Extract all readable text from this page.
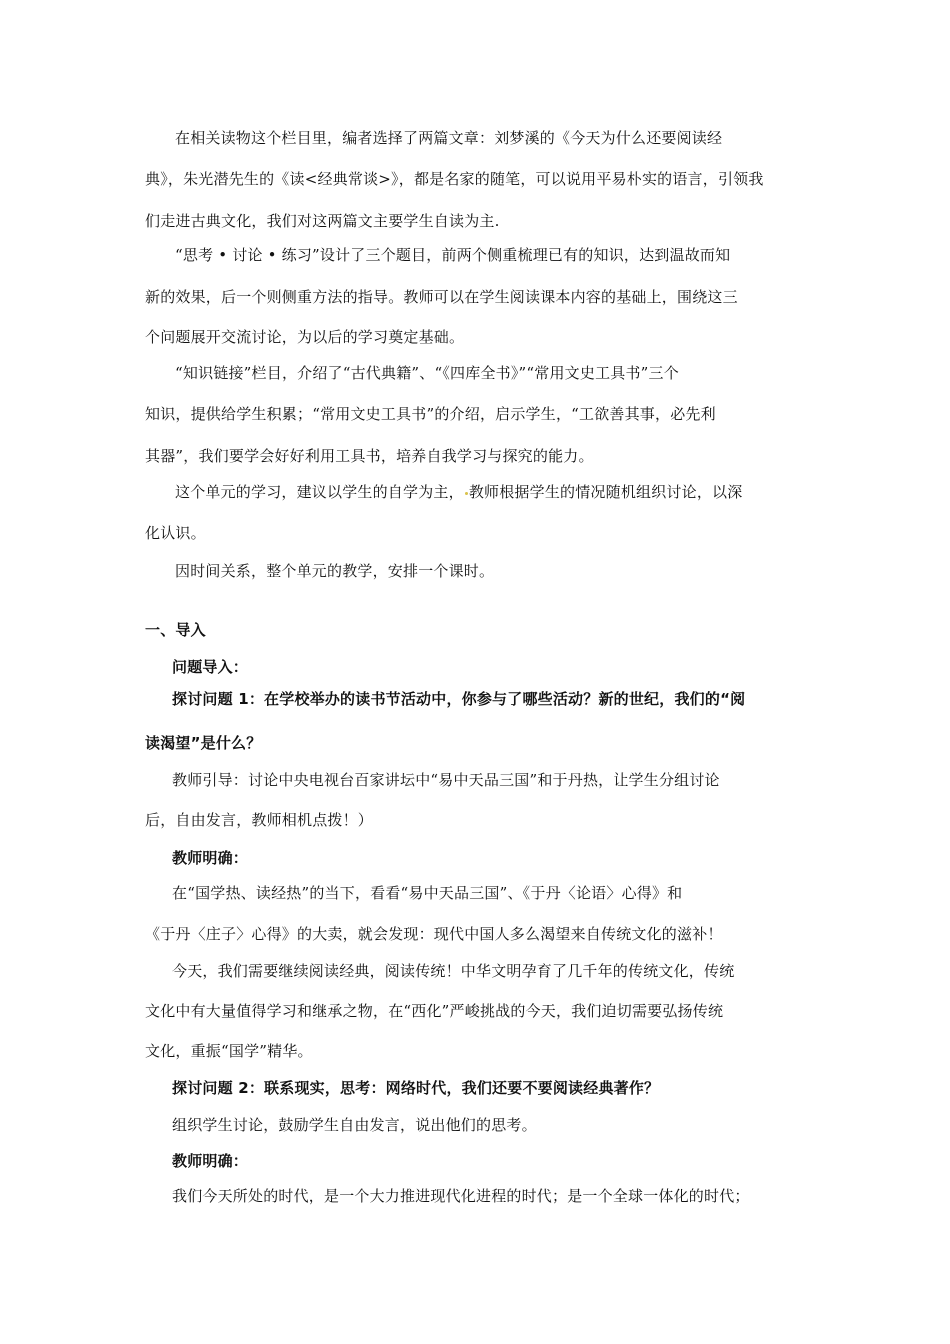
在相关读物这个栏目里，编者选择了两篇文章：刘梦溪的《今天为什么还要阅读经
典》，朱光潜先生的《读<经典常谈>》，都是名家的随笔，可以说用平易朴实的语言，引领我
们走进古典文化，我们对这两篇文主要学生自读为主.
“思考 • 讨论 • 练习”设计了三个题目，前两个侧重梳理已有的知识，达到温故而知
新的效果，后一个则侧重方法的指导。教师可以在学生阅读课本内容的基础上，围绕这三
个问题展开交流讨论，为以后的学习奠定基础。
“知识链接”栏目，介绍了“古代典籍”、“《四库全书》”“常用文史工具书”三个
知识，提供给学生积累；“常用文史工具书”的介绍，启示学生，“工欲善其事，必先利
其器”，我们要学会好好利用工具书，培养自我学习与探究的能力。
这个单元的学习，建议以学生的自学为主， 教师根据学生的情况随机组织讨论，以深
化认识。
因时间关系，整个单元的教学，安排一个课时。
一、导入
问题导入：
探讨问题 1：在学校举办的读书节活动中，你参与了哪些活动？新的世纪，我们的“阅
读渴望”是什么？
教师引导：讨论中央电视台百家讲坛中“易中天品三国”和于丹热，让学生分组讨论
后，自由发言，教师相机点拨！）
教师明确：
在“国学热、读经热”的当下，看看“易中天品三国”、《于丹〈论语〉心得》和
《于丹〈庄子〉心得》的大卖，就会发现：现代中国人多么渴望来自传统文化的滋补！
今天，我们需要继续阅读经典，阅读传统！中华文明孕育了几千年的传统文化，传统
文化中有大量值得学习和继承之物，在“西化”严峻挑战的今天，我们迫切需要弘扬传统
文化，重振“国学”精华。
探讨问题 2：联系现实，思考：网络时代，我们还要不要阅读经典著作？
组织学生讨论，鼓励学生自由发言，说出他们的思考。
教师明确：
我们今天所处的时代，是一个大力推进现代化进程的时代；是一个全球一体化的时代；
